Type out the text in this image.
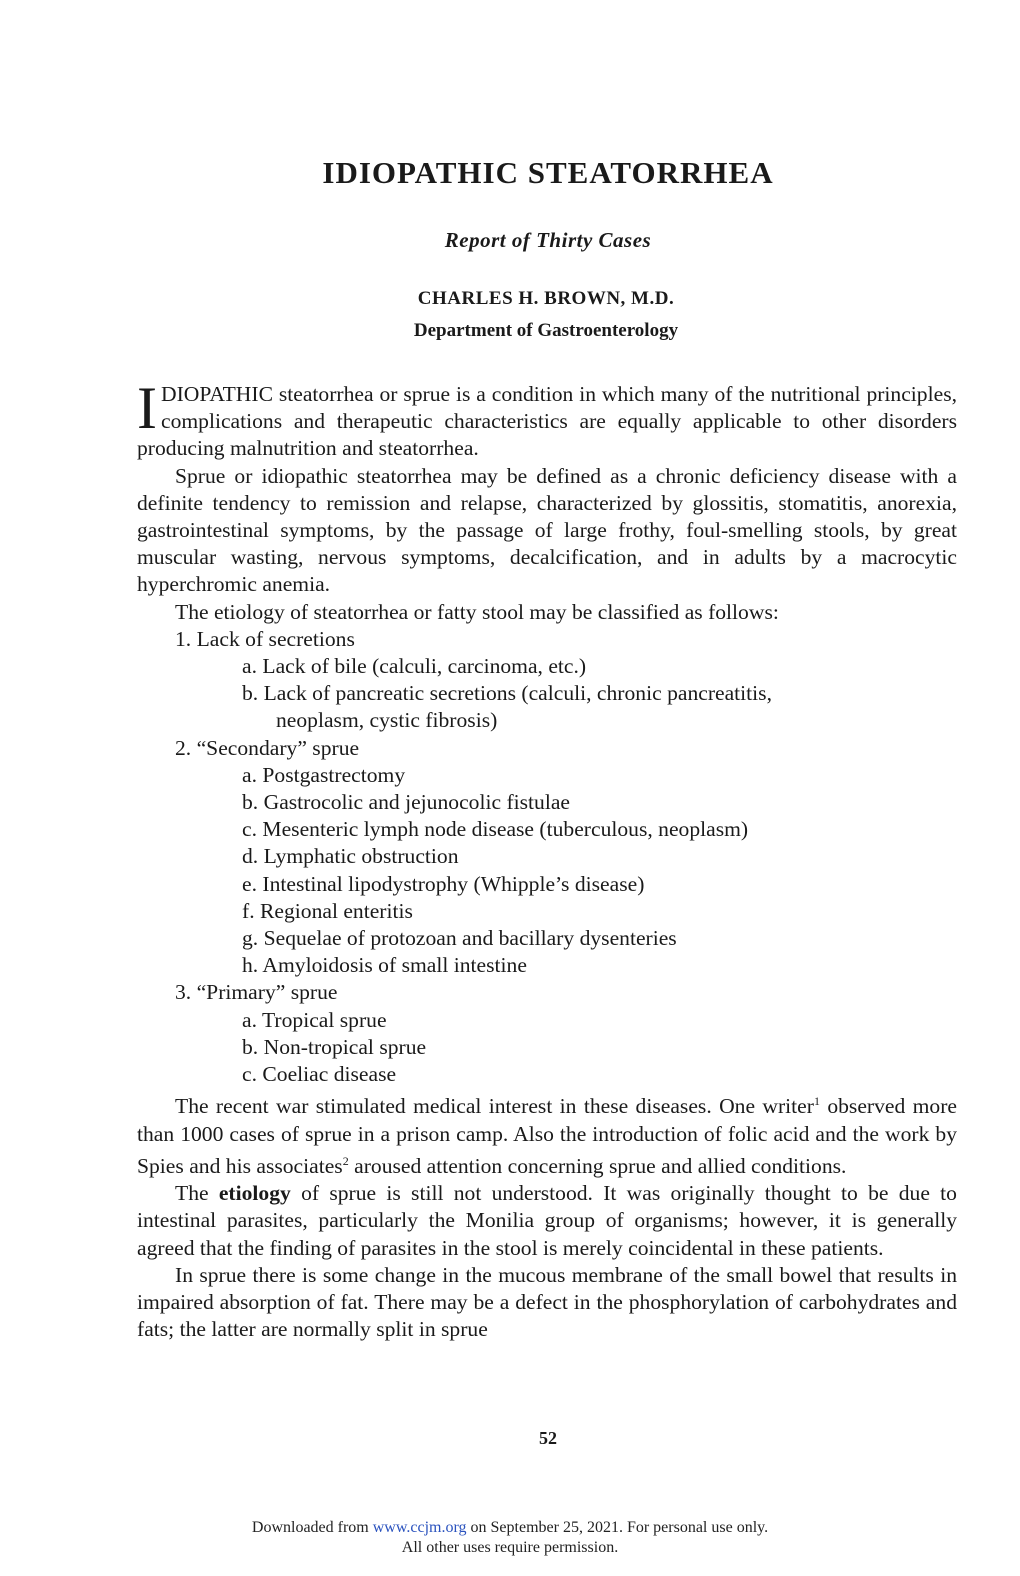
IDIOPATHIC STEATORRHEA
Report of Thirty Cases
CHARLES H. BROWN, M.D.
Department of Gastroenterology

IDIOPATHIC steatorrhea or sprue is a condition in which many of the nutritional principles, complications and therapeutic characteristics are equally applicable to other disorders producing malnutrition and steatorrhea.

Sprue or idiopathic steatorrhea may be defined as a chronic deficiency disease with a definite tendency to remission and relapse, characterized by glossitis, stomatitis, anorexia, gastrointestinal symptoms, by the passage of large frothy, foul-smelling stools, by great muscular wasting, nervous symptoms, decalcification, and in adults by a macrocytic hyperchromic anemia.

The etiology of steatorrhea or fatty stool may be classified as follows:

1. Lack of secretions
a. Lack of bile (calculi, carcinoma, etc.)
b. Lack of pancreatic secretions (calculi, chronic pancreatitis,
neoplasm, cystic fibrosis)
2. “Secondary” sprue
a. Postgastrectomy
b. Gastrocolic and jejunocolic fistulae
c. Mesenteric lymph node disease (tuberculous, neoplasm)
d. Lymphatic obstruction
e. Intestinal lipodystrophy (Whipple’s disease)
f. Regional enteritis
g. Sequelae of protozoan and bacillary dysenteries
h. Amyloidosis of small intestine
3. “Primary” sprue
a. Tropical sprue
b. Non-tropical sprue
c. Coeliac disease

The recent war stimulated medical interest in these diseases. One writer$^1$ observed more than 1000 cases of sprue in a prison camp. Also the introduction of folic acid and the work by Spies and his associates$^2$ aroused attention concerning sprue and allied conditions.

The etiology of sprue is still not understood. It was originally thought to be due to intestinal parasites, particularly the Monilia group of organisms; however, it is generally agreed that the finding of parasites in the stool is merely coincidental in these patients.

In sprue there is some change in the mucous membrane of the small bowel that results in impaired absorption of fat. There may be a defect in the phosphorylation of carbohydrates and fats; the latter are normally split in sprue

52
Downloaded from www.ccjm.org on September 25, 2021. For personal use only.
All other uses require permission.
